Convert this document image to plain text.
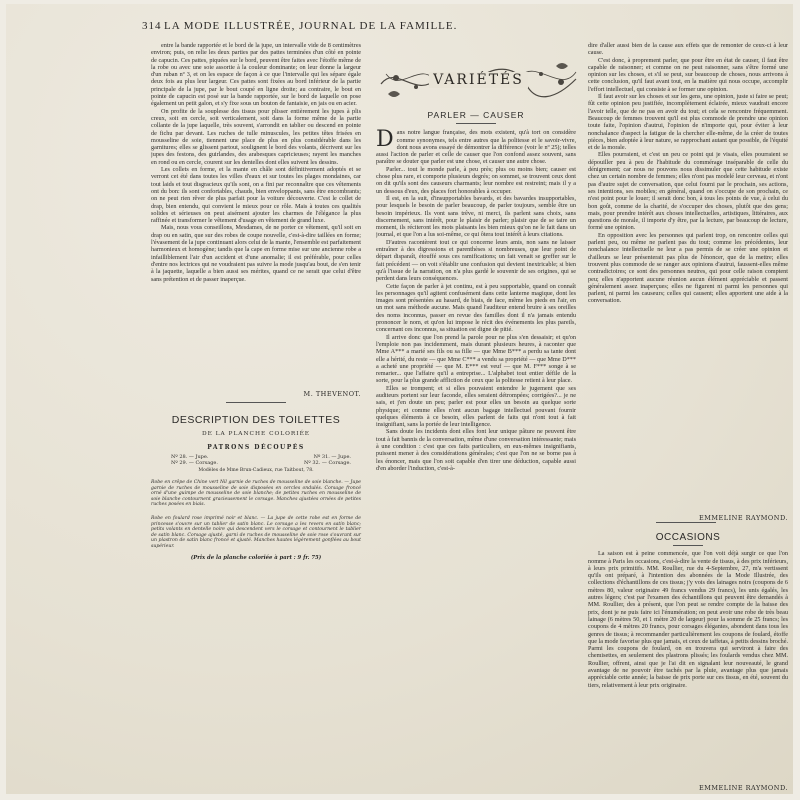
314 LA MODE ILLUSTRÉE, JOURNAL DE LA FAMILLE.

entre la bande rapportée et le bord de la jupe, un intervalle vide de 8 centimètres environ; puis, on relie les deux parties par des pattes terminées d'un côté en pointe de capucin. Ces pattes, piquées sur le bord, peuvent être faites avec l'étoffe même de la robe ou avec une soie assortie à la couleur dominante; on leur donne la largeur d'un ruban nº 3, et on les espace de façon à ce que l'intervalle qui les sépare égale deux fois au plus leur largeur. Ces pattes sont fixées au bord inférieur de la partie principale de la jupe, par le bout coupé en ligne droite; au contraire, le bout en pointe de capucin est posé sur la bande rapportée, sur le bord de laquelle on pose également un petit galon, et s'y fixe sous un bouton de fantaisie, en jais ou en acier.

On profite de la souplesse des tissus pour plisser entièrement les jupes à plis creux, soit en cercle, soit verticalement, soit dans la forme même de la partie collante de la jupe laquelle, très souvent, s'arrondit en tablier ou descend en pointe de fichu par devant. Les ruches de tulle minuscules, les petites têtes frisées en mousseline de soie, tiennent une place de plus en plus considérable dans les garnitures; elles se glissent partout, soulignent le bord des volants, décrivent sur les jupes des festons, des guirlandes, des arabesques capricieuses; rayent les manches en rond ou en cercle, courent sur les dentelles dont elles suivent les dessins.

Les collets en forme, et la mante en châle sont définitivement adoptés et se verront cet été dans toutes les villes d'eaux et sur toutes les plages mondaines, car tout laids et tout disgracieux qu'ils sont, on a fini par reconnaître que ces vêtements ont du bon: ils sont confortables, chauds, bien enveloppants, sans être encombrants; on ne peut rien rêver de plus parfait pour la voiture découverte. C'est le collet de drap, bien entendu, qui convient le mieux pour ce rôle. Mais à toutes ces qualités solides et sérieuses on peut aisément ajouter les charmes de l'élégance la plus raffinée et transformer le vêtement d'usage en vêtement de grand luxe.

Mais, nous vous conseillons, Mesdames, de ne porter ce vêtement, qu'il soit en drap ou en satin, que sur des robes de coupe nouvelle, c'est-à-dire taillées en forme; l'évasement de la jupe continuant alors celui de la mante, l'ensemble est parfaitement harmonieux et homogène; tandis que la cape en forme mise sur une ancienne robe a infailliblement l'air d'un accident et d'une anomalie; il est préférable, pour celles d'entre nos lectrices qui ne voudraient pas suivre la mode jusqu'au bout, de s'en tenir à la jaquette, laquelle a bien aussi ses mérites, quand ce ne serait que celui d'être sans prétention et de passer inaperçue.

M. THEVENOT.
DESCRIPTION DES TOILETTES
DE LA PLANCHE COLORIÉE
PATRONS DÉCOUPÉS
Nº 28. — Jupe.	Nº 31. — Jupe.
Nº 29. — Corsage.	Nº 32. — Corsage.
Modèles de Mme Brun-Cadieux, rue Taitbout, 78.
Robe en crêpe de Chine vert Nil garnie de ruches de mousseline de soie blanche. — Jupe garnie de ruches de mousseline de soie disposées en cercles ondulés. Corsage froncé orné d'une guimpe de mousseline de soie blanche; de petites ruches en mousseline de soie blanche contournent gracieusement le corsage. Manches ajustées ornées de petites ruches posées en biais.
Robe en foulard rose imprimé noir et blanc. — La jupe de cette robe est en forme de princesse s'ouvre sur un tablier de satin blanc. Le corsage a les revers en satin blanc; petits volants en dentelle noire qui descendent vers le corsage et contournent le tablier de satin blanc. Corsage ajusté, garni de ruches de mousseline de soie rose s'ouvrant sur un plastron de satin blanc froncé et ajusté. Manches hautes légèrement gonflées au bout supérieur.
(Prix de la planche coloriée à part : 9 fr. 75)
VARIÉTÉS
PARLER — CAUSER

Dans notre langue française, des mots existent, qu'à tort on considère comme synonymes, tels entre autres que la politesse et le savoir-vivre, dont nous avons essayé de démontrer la différence (voir le nº 25); telles aussi l'action de parler et celle de causer que l'on confond assez souvent, sans paraître se douter que parler est une chose, et causer une autre chose.

Parler... tout le monde parle, à peu près; plus ou moins bien; causer est chose plus rare, et comporte plusieurs degrés; on sommet, se trouvent ceux dont on dit qu'ils sont des causeurs charmants; leur nombre est restreint; mais il y a un dessous d'eux, des places fort honorables à occuper.

Il est, en la suit, d'insupportables bavards, et des bavardes insupportables, pour lesquels le besoin de parler beaucoup, de parler toujours, semble être un besoin impérieux. Ils vont sans trêve, ni merci, ils parlent sans choix, sans discernement, sans intérêt, pour le plaisir de parler; plaisir que de se taire un moment, ils réciteront les mots plaisants les bien mieux qu'on ne le fait dans un journal, et que l'on a lus soi-même, ce qui ôtera tout intérêt à leurs citations.

D'autres racontèrent tout ce qui concerne leurs amis, non sans ne laisser entraîner à des digressions et parenthèses si nombreuses, que leur point de départ disparaît, étouffé sous ces ramifications; un fait venait se greffer sur le fait précédent — on voit s'établir une confusion qui devient inextricable; si bien qu'à l'issue de la narration, on n'a plus gardé le souvenir de ses origines, qui se perdent dans leurs conséquences.

Cette façon de parler à jet continu, est à peu supportable, quand on connaît les personnages qu'il agitent confusément dans cette lanterne magique, dont les images sont présentées au hasard, de biais, de face, même les pieds en l'air, en un mot sans méthode aucune. Mais quand l'auditeur entend bruire à ses oreilles des noms inconnus, passer en revue des familles dont il n'a jamais entendu prononcer le nom, et qu'on lui impose le récit des événements les plus pareils, concernant ces inconnus, sa situation est digne de pitié.

Il arrive donc que l'on prend la parole pour ne plus s'en dessaisir; et qu'on l'emploie non pas incidemment, mais durant plusieurs heures, à raconter que Mme A*** a marié ses fils ou sa fille — que Mme B*** a perdu sa tante dont elle a hérité, du reste — que Mme C*** a vendu sa propriété — que Mme D*** a acheté une propriété — que M. E*** est veuf — que M. F*** songe à se remarier... que l'affaire qu'il a entreprise... L'alphabet tout entier défile de la sorte, pour la plus grande affliction de ceux que la politesse retient à leur place.

Elles se trompent; et si elles pouvaient entendre le jugement que ses auditeurs portent sur leur faconde, elles seraient détrompées; corrigées?... je ne sais, et j'en doute un peu; parler est pour elles un besoin au quelque sorte physique; et comme elles n'ont aucun bagage intellectuel pouvant fournir quelques éléments à ce besoin, elles parlent de faits qui n'ont tout à fait insignifiant, sans la portée de leur intelligence.

Sans doute les incidents dont elles font leur unique pâture ne peuvent être tout à fait bannis de la conversation, même d'une conversation intéressante; mais à une condition : c'est que ces faits particuliers, en eux-mêmes insignifiants, puissent mener à des considérations générales; c'est que l'on ne se borne pas à les énoncer, mais que l'on soit capable d'en tirer une déduction, capable aussi d'en aborder l'induction, c'est-à-

dire d'aller aussi bien de la cause aux effets que de remonter de ceux-ci à leur cause.

C'est donc, à proprement parler, que pour être en état de causer, il faut être capable de raisonner; et comme on ne peut raisonner, sans s'être formé une opinion sur les choses, et s'il se peut, sur beaucoup de choses, nous arrivons à cette conclusion, qu'il faut avant tout, en la matière qui nous occupe, accomplir l'effort intellectuel, qui consiste à se former une opinion.

Il faut avoir sur les choses et sur les gens, une opinion, juste si faire se peut; fût cette opinion peu justifiée, incomplètement éclairée, mieux vaudrait encore l'avoir telle, que de ne pas en avoir du tout; et cela se rencontre fréquemment. Beaucoup de femmes trouvent qu'il est plus commode de prendre une opinion toute faite, l'opinion d'autrui, l'opinion de n'importe qui, pour éviter à leur nonchalance d'aspect la fatigue de la chercher elle-même, de la créer de toutes pièces, bien adoptée à leur nature, se rapprochant autant que possible, de l'équité et de la morale.

Elles pourraient, et c'est un peu ce point qui je visais, elles pourraient se dépouiller peu à peu de l'habitude du commérage inséparable de celle du dénigrement; car nous ne pouvons nous dissimuler que cette habitude existe chez un certain nombre de femmes; elles n'ont pas modelé leur cerveau, et n'ont pas d'autre sujet de conversation, que celui fourni par le prochain, ses actions, ses intentions, ses mobiles; en général, quand on s'occupe de son prochain, ce n'est point pour le louer; il serait donc bon, à tous les points de vue, à celui du bon goût, comme de la charité, de s'occuper des choses, plutôt que des gens; mais, pour prendre intérêt aux choses intellectuelles, artistiques, littéraires, aux questions de morale, il importe d'y être, par la lecture, par beaucoup de lecture, formé une opinion.

En opposition avec les personnes qui parlent trop, on rencontre celles qui parlent peu, ou même ne parlent pas du tout; comme les précédentes, leur nonchalance intellectuelle ne leur a pas permis de se créer une opinion et d'ailleurs se leur présenterait pas plus de l'énoncer, que de la mettre; elles trouvent plus commode de se ranger aux opinions d'autrui, faussent-elles même contradictoires; ce sont des personnes neutres, qui pour celle raison comptent peu; elles n'apportent aucune réunion aucun élément appréciable et passent généralement assez inaperçues; elles ne figurent ni parmi les personnes qui parlent, ni parmi les causeurs; celles qui causent; elles apportent une aide à la conversation.

EMMELINE RAYMOND.
OCCASIONS

La saison est à peine commencée, que l'on voit déjà surgir ce que l'on nomme à Paris les occasions, c'est-à-dire la vente de tissus, à des prix inférieurs, à leurs prix primitifs. MM. Roullier, rue du 4-Septembre, 27, m'a vertissent qu'ils ont préparé, à l'intention des abonnées de la Mode Illustrée, des collections d'échantillons de ces tissus; j'y vois des lainages noirs (coupons de 6 mètres 80, valeur originaire 49 francs vendus 29 francs), les unis égalés, les autres légers; c'est par l'examen des échantillons qui peuvent être demandés à MM. Roullier, des à présent, que l'on peut se rendre compte de la baisse des prix, dont je ne puis faire ici l'énumération; on peut avoir une robe de très beau lainage (6 mètres 50, et 1 mètre 20 de largeur) pour la somme de 25 francs; les coupons de 4 mètres 20 francs, pour corsages élégantes, abondent dans tous les genres de tissus; à recommander particulièrement les coupons de foulard, étoffe que la mode favorise plus que jamais, et ceux de taffetas, à petits dessins broché. Parmi les coupons de foulard, on en trouvera qui serviront à faire des chemisettes, en seulement des plastrons plissés; les foulards vendus chez MM. Roullier, offrent, ainsi que je l'ai dit en signalant leur nouveauté, le grand avantage de ne pouvoir être tachés par la pluie, avantage plus que jamais appréciable cette année; la baisse de prix porte sur ces tissus, en été, souvent du tiers, relativement à leur prix originaire.

EMMELINE RAYMOND.
